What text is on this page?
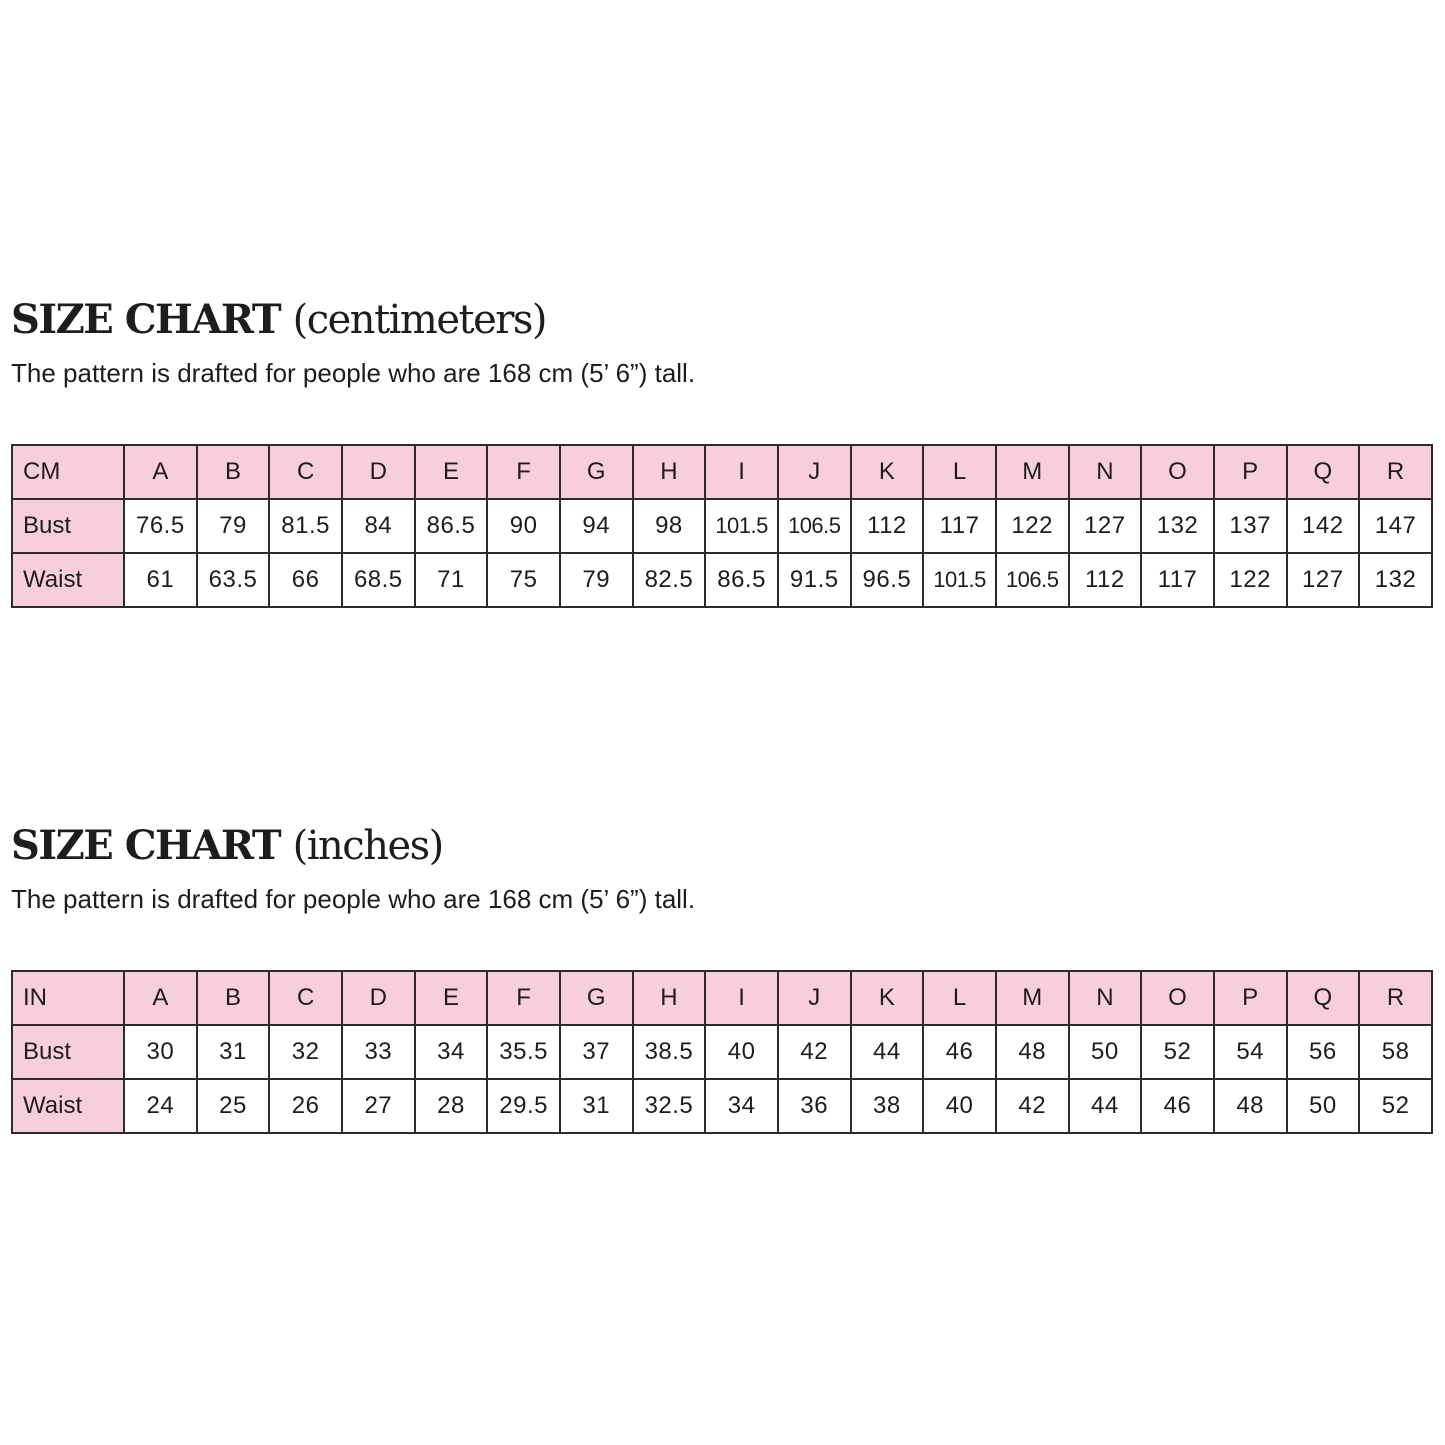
SIZE CHART (centimeters)

The pattern is drafted for people who are 168 cm (5’ 6”) tall.

CM	A	B	C	D	E	F	G	H	I	J	K	L	M	N	O	P	Q	R
Bust	76.5	79	81.5	84	86.5	90	94	98	101.5	106.5	112	117	122	127	132	137	142	147
Waist	61	63.5	66	68.5	71	75	79	82.5	86.5	91.5	96.5	101.5	106.5	112	117	122	127	132
SIZE CHART (inches)

The pattern is drafted for people who are 168 cm (5’ 6”) tall.

IN	A	B	C	D	E	F	G	H	I	J	K	L	M	N	O	P	Q	R
Bust	30	31	32	33	34	35.5	37	38.5	40	42	44	46	48	50	52	54	56	58
Waist	24	25	26	27	28	29.5	31	32.5	34	36	38	40	42	44	46	48	50	52
